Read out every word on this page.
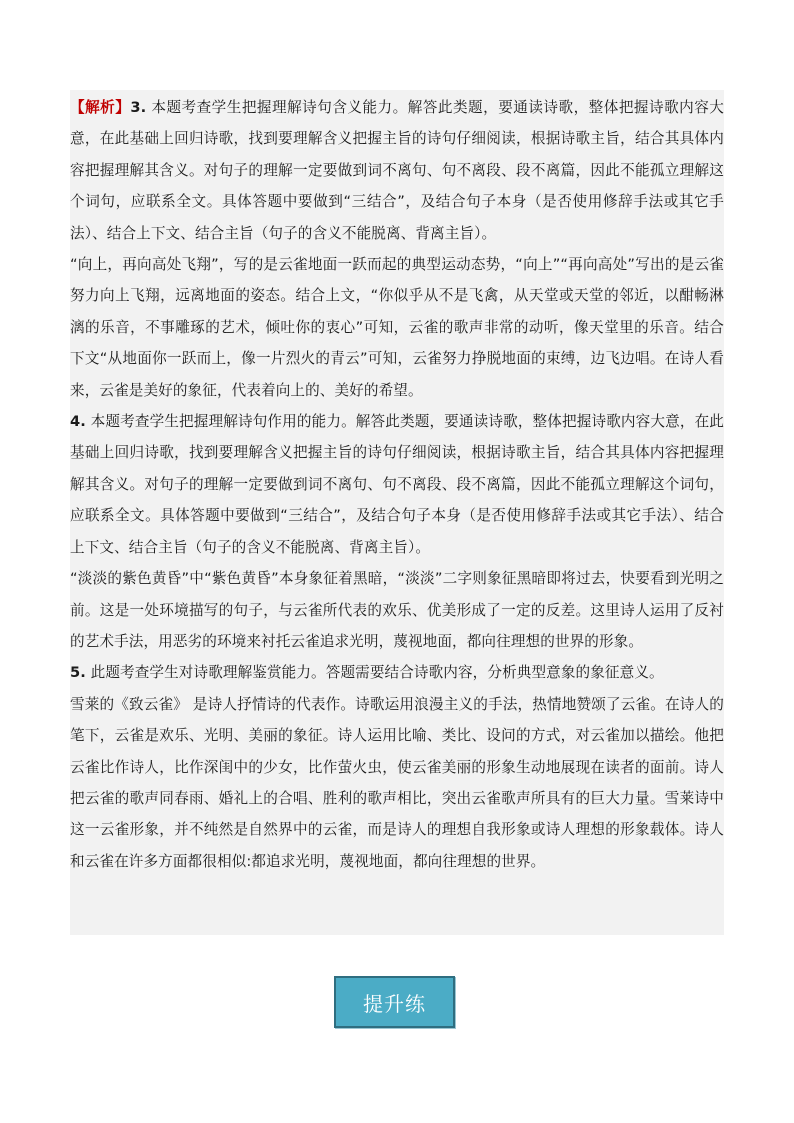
【解析】3. 本题考查学生把握理解诗句含义能力。解答此类题，要通读诗歌，整体把握诗歌内容大意，在此基础上回归诗歌，找到要理解含义把握主旨的诗句仔细阅读，根据诗歌主旨，结合其具体内容把握理解其含义。对句子的理解一定要做到词不离句、句不离段、段不离篇，因此不能孤立理解这个词句，应联系全文。具体答题中要做到“三结合”，及结合句子本身（是否使用修辞手法或其它手法）、结合上下文、结合主旨（句子的含义不能脱离、背离主旨）。

“向上，再向高处飞翔”，写的是云雀地面一跃而起的典型运动态势，“向上”“再向高处”写出的是云雀努力向上飞翔，远离地面的姿态。结合上文，“你似乎从不是飞禽，从天堂或天堂的邻近，以酣畅淋漓的乐音，不事雕琢的艺术，倾吐你的衷心”可知，云雀的歌声非常的动听，像天堂里的乐音。结合下文“从地面你一跃而上，像一片烈火的青云”可知，云雀努力挣脱地面的束缚，边飞边唱。在诗人看来，云雀是美好的象征，代表着向上的、美好的希望。

4. 本题考查学生把握理解诗句作用的能力。解答此类题，要通读诗歌，整体把握诗歌内容大意，在此基础上回归诗歌，找到要理解含义把握主旨的诗句仔细阅读，根据诗歌主旨，结合其具体内容把握理解其含义。对句子的理解一定要做到词不离句、句不离段、段不离篇，因此不能孤立理解这个词句，应联系全文。具体答题中要做到“三结合”，及结合句子本身（是否使用修辞手法或其它手法）、结合上下文、结合主旨（句子的含义不能脱离、背离主旨）。

“淡淡的紫色黄昏”中“紫色黄昏”本身象征着黑暗，“淡淡”二字则象征黑暗即将过去，快要看到光明之前。这是一处环境描写的句子，与云雀所代表的欢乐、优美形成了一定的反差。这里诗人运用了反衬的艺术手法，用恶劣的环境来衬托云雀追求光明，蔑视地面，都向往理想的世界的形象。

5. 此题考查学生对诗歌理解鉴赏能力。答题需要结合诗歌内容，分析典型意象的象征意义。

雪莱的《致云雀》 是诗人抒情诗的代表作。诗歌运用浪漫主义的手法，热情地赞颂了云雀。在诗人的笔下，云雀是欢乐、光明、美丽的象征。诗人运用比喻、类比、设问的方式，对云雀加以描绘。他把云雀比作诗人，比作深闺中的少女，比作萤火虫，使云雀美丽的形象生动地展现在读者的面前。诗人把云雀的歌声同春雨、婚礼上的合唱、胜利的歌声相比，突出云雀歌声所具有的巨大力量。雪莱诗中这一云雀形象，并不纯然是自然界中的云雀，而是诗人的理想自我形象或诗人理想的形象载体。诗人和云雀在许多方面都很相似:都追求光明，蔑视地面，都向往理想的世界。

提升练
